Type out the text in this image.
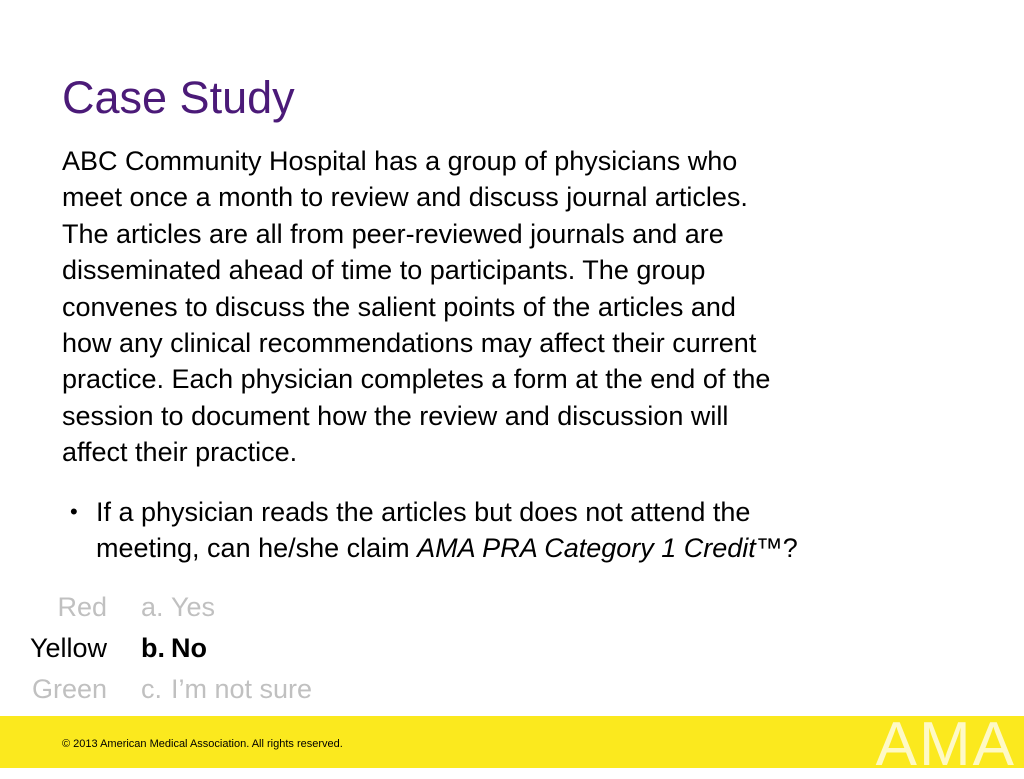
Case Study

ABC Community Hospital has a group of physicians who
meet once a month to review and discuss journal articles.
The articles are all from peer-reviewed journals and are
disseminated ahead of time to participants. The group
convenes to discuss the salient points of the articles and
how any clinical recommendations may affect their current
practice. Each physician completes a form at the end of the
session to document how the review and discussion will
affect their practice.

• If a physician reads the articles but does not attend the
meeting, can he/she claim AMA PRA Category 1 Credit™?
Red a. Yes
Yellow b. No
Green c. I’m not sure
© 2013 American Medical Association. All rights reserved.	AMA
